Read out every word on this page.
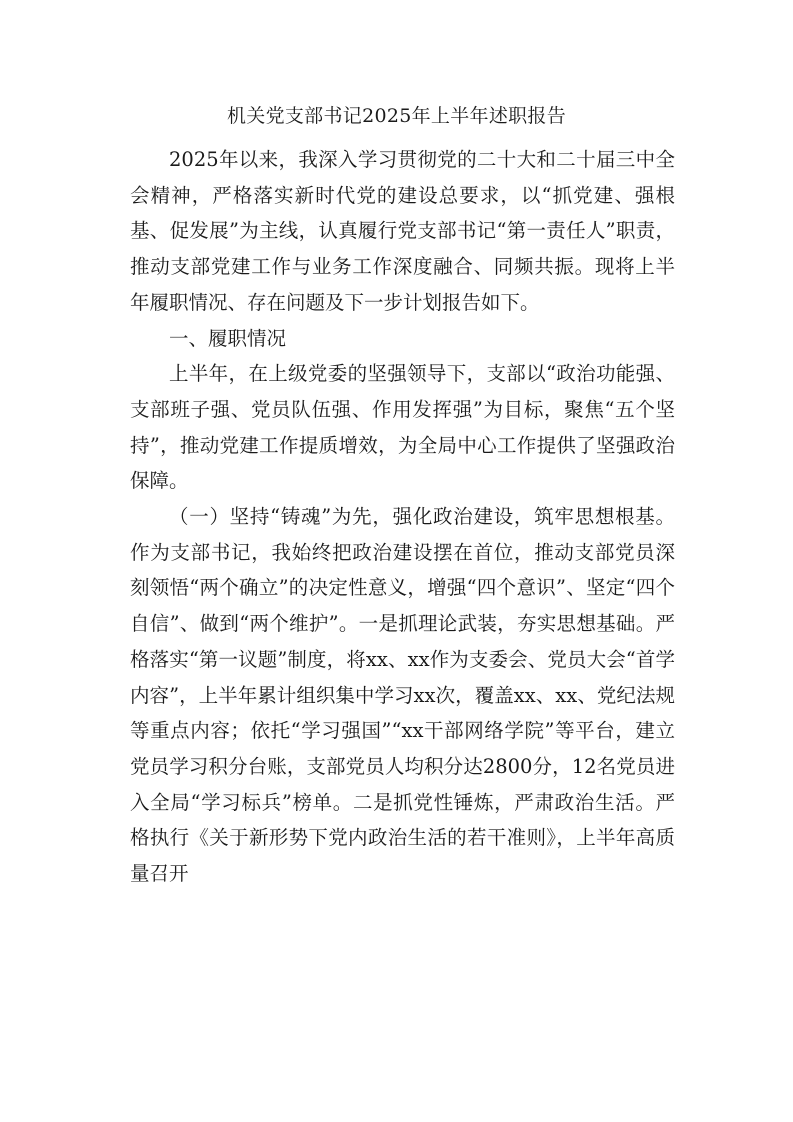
机关党支部书记2025年上半年述职报告

2025年以来，我深入学习贯彻党的二十大和二十届三中全会精神，严格落实新时代党的建设总要求，以“抓党建、强根基、促发展”为主线，认真履行党支部书记“第一责任人”职责，推动支部党建工作与业务工作深度融合、同频共振。现将上半年履职情况、存在问题及下一步计划报告如下。

一、履职情况

上半年，在上级党委的坚强领导下，支部以“政治功能强、支部班子强、党员队伍强、作用发挥强”为目标，聚焦“五个坚持”，推动党建工作提质增效，为全局中心工作提供了坚强政治保障。

（一）坚持“铸魂”为先，强化政治建设，筑牢思想根基。作为支部书记，我始终把政治建设摆在首位，推动支部党员深刻领悟“两个确立”的决定性意义，增强“四个意识”、坚定“四个自信”、做到“两个维护”。一是抓理论武装，夯实思想基础。严格落实“第一议题”制度，将xx、xx作为支委会、党员大会“首学内容”，上半年累计组织集中学习xx次，覆盖xx、xx、党纪法规等重点内容；依托“学习强国”“xx干部网络学院”等平台，建立党员学习积分台账，支部党员人均积分达2800分，12名党员进入全局“学习标兵”榜单。二是抓党性锤炼，严肃政治生活。严格执行《关于新形势下党内政治生活的若干准则》，上半年高质量召开
